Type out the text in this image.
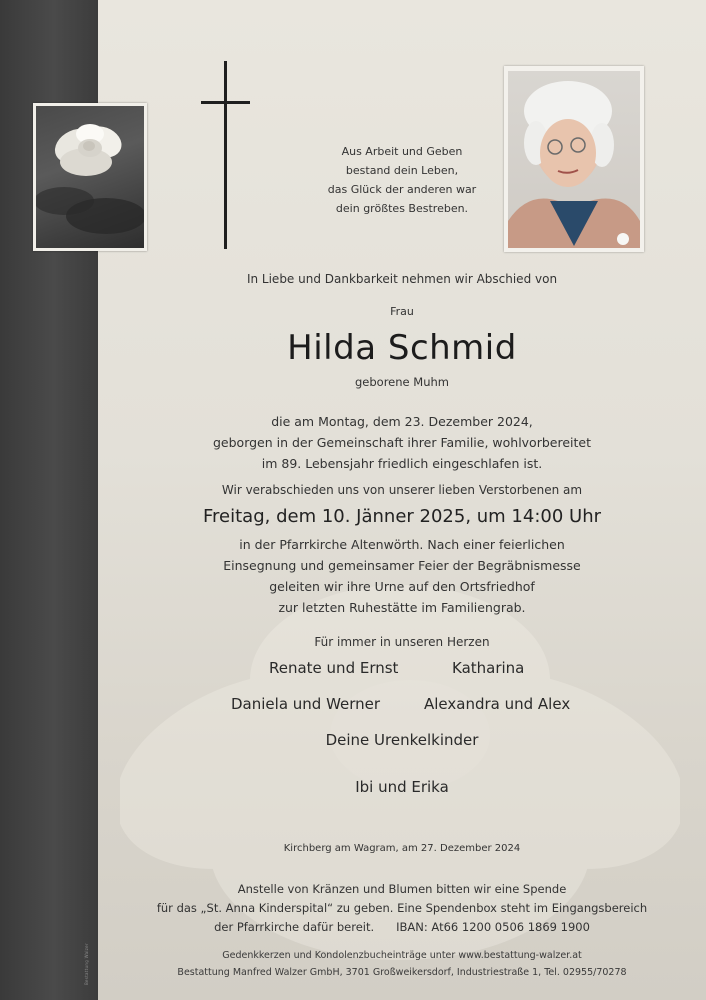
Bestattung Walzer
Aus Arbeit und Geben
bestand dein Leben,
das Glück der anderen war
dein größtes Bestreben.
In Liebe und Dankbarkeit nehmen wir Abschied von
Frau
Hilda Schmid
geborene Muhm
die am Montag, dem 23. Dezember 2024,
geborgen in der Gemeinschaft ihrer Familie, wohlvorbereitet
im 89. Lebensjahr friedlich eingeschlafen ist.
Wir verabschieden uns von unserer lieben Verstorbenen am
Freitag, dem 10. Jänner 2025, um 14:00 Uhr
in der Pfarrkirche Altenwörth. Nach einer feierlichen
Einsegnung und gemeinsamer Feier der Begräbnismesse
geleiten wir ihre Urne auf den Ortsfriedhof
zur letzten Ruhestätte im Familiengrab.
Für immer in unseren Herzen
Renate und Ernst	Katharina
Daniela und Werner	Alexandra und Alex
Deine Urenkelkinder
Ibi und Erika
Kirchberg am Wagram, am 27. Dezember 2024
Anstelle von Kränzen und Blumen bitten wir eine Spende
für das „St. Anna Kinderspital“ zu geben. Eine Spendenbox steht im Eingangsbereich
der Pfarrkirche dafür bereit. IBAN: At66 1200 0506 1869 1900
Gedenkkerzen und Kondolenzbucheinträge unter www.bestattung-walzer.at
Bestattung Manfred Walzer GmbH, 3701 Großweikersdorf, Industriestraße 1, Tel. 02955/70278
